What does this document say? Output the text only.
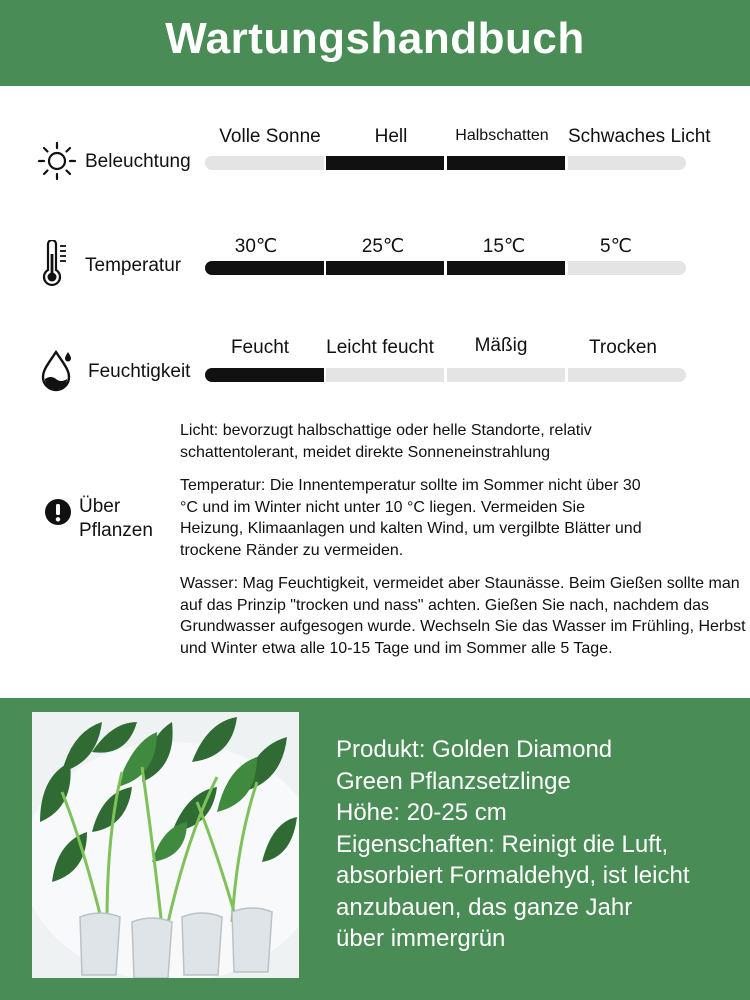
Wartungshandbuch
Beleuchtung
Volle Sonne	Hell	Halbschatten	Schwaches Licht
Temperatur
30℃	25℃	15℃	5℃
Feuchtigkeit
Feucht	Leicht feucht	Mäßig	Trocken
Über Pflanzen

Licht: bevorzugt halbschattige oder helle Standorte, relativ schattentolerant, meidet direkte Sonneneinstrahlung

Temperatur: Die Innentemperatur sollte im Sommer nicht über 30 °C und im Winter nicht unter 10 °C liegen. Vermeiden Sie Heizung, Klimaanlagen und kalten Wind, um vergilbte Blätter und trockene Ränder zu vermeiden.

Wasser: Mag Feuchtigkeit, vermeidet aber Staunässe. Beim Gießen sollte man auf das Prinzip "trocken und nass" achten. Gießen Sie nach, nachdem das Grundwasser aufgesogen wurde. Wechseln Sie das Wasser im Frühling, Herbst und Winter etwa alle 10-15 Tage und im Sommer alle 5 Tage.

Produkt: Golden Diamond
Green Pflanzsetzlinge
Höhe: 20-25 cm
Eigenschaften: Reinigt die Luft,
absorbiert Formaldehyd, ist leicht
anzubauen, das ganze Jahr
über immergrün
